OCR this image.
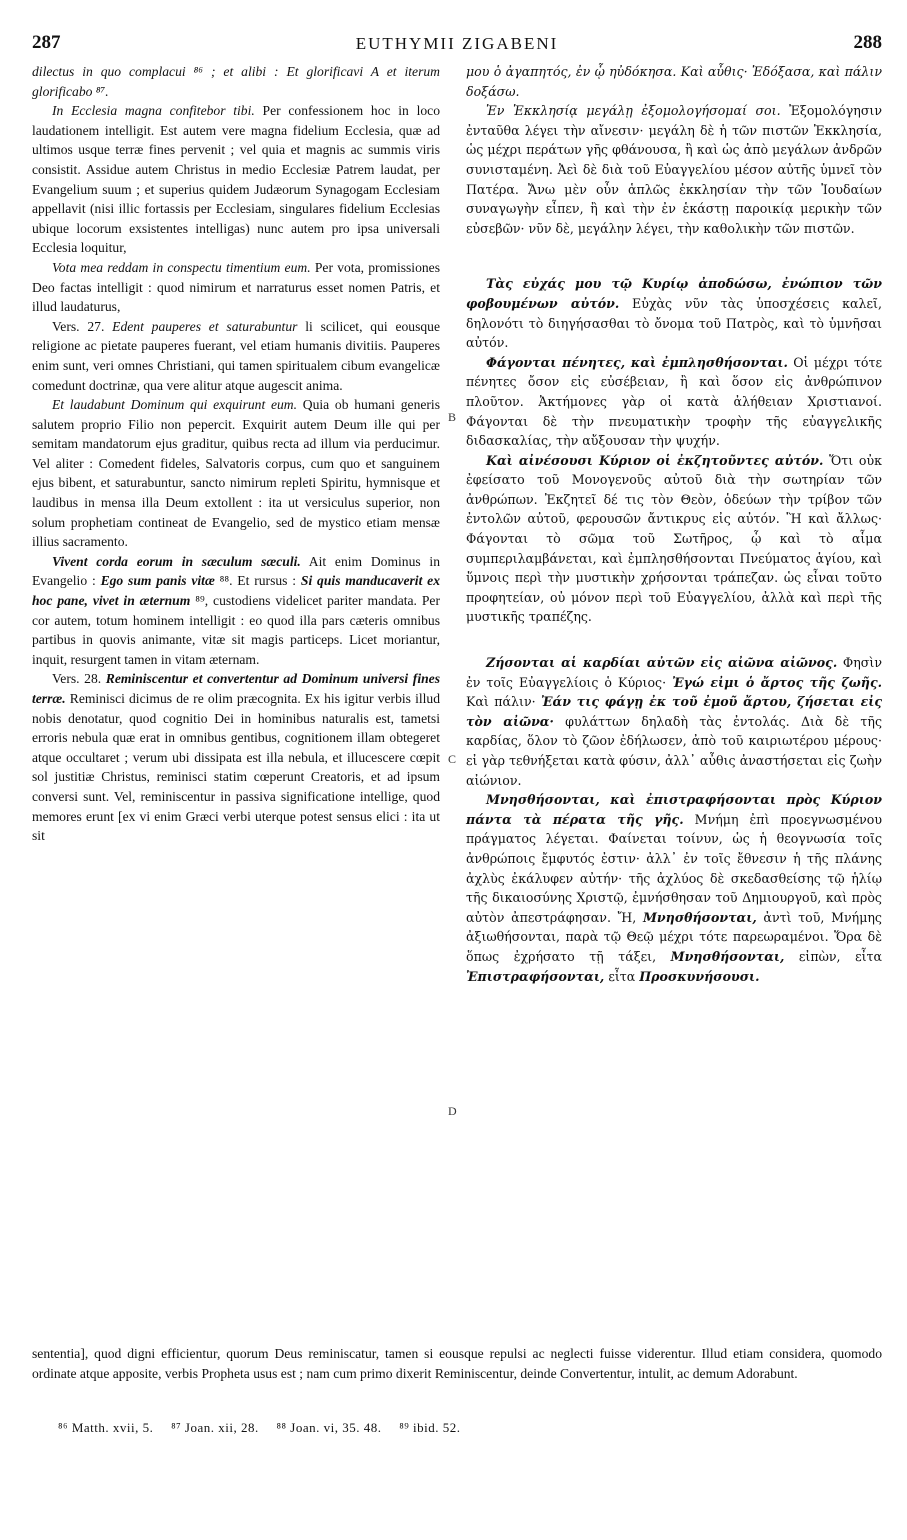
287	EUTHYMII ZIGABENI	288

dilectus in quo complacui ⁸⁶ ; et alibi : Et glorificavi A et iterum glorificabo ⁸⁷.

In Ecclesia magna confitebor tibi. Per confessionem hoc in loco laudationem intelligit. Est autem vere magna fidelium Ecclesia, quæ ad ultimos usque terræ fines pervenit ; vel quia et magnis ac summis viris consistit. Assidue autem Christus in medio Ecclesiæ Patrem laudat, per Evangelium suum ; et superius quidem Judæorum Synagogam Ecclesiam appellavit (nisi illic fortassis per Ecclesiam, singulares fidelium Ecclesias ubique locorum exsistentes intelligas) nunc autem pro ipsa universali Ecclesia loquitur,

Vota mea reddam in conspectu timentium eum. Per vota, promissiones Deo factas intelligit : quod nimirum et narraturus esset nomen Patris, et illud laudaturus,

Vers. 27. Edent pauperes et saturabuntur li scilicet, qui eousque religione ac pietate pauperes fuerant, vel etiam humanis divitiis. Pauperes enim sunt, veri omnes Christiani, qui tamen spiritualem cibum evangelicæ comedunt doctrinæ, qua vere alitur atque augescit anima.

Et laudabunt Dominum qui exquirunt eum. Quia ob humani generis salutem proprio Filio non pepercit. Exquirit autem Deum ille qui per semitam mandatorum ejus graditur, quibus recta ad illum via perducimur. Vel aliter : Comedent fideles, Salvatoris corpus, cum quo et sanguinem ejus bibent, et saturabuntur, sancto nimirum repleti Spiritu, hymnisque et laudibus in mensa illa Deum extollent : ita ut versiculus superior, non solum prophetiam contineat de Evangelio, sed de mystico etiam mensæ illius sacramento.

Vivent corda eorum in sæculum sæculi. Ait enim Dominus in Evangelio : Ego sum panis vitæ ⁸⁸. Et rursus : Si quis manducaverit ex hoc pane, vivet in æternum ⁸⁹, custodiens videlicet pariter mandata. Per cor autem, totum hominem intelligit : eo quod illa pars cæteris omnibus partibus in quovis animante, vitæ sit magis particeps. Licet moriantur, inquit, resurgent tamen in vitam æternam.

Vers. 28. Reminiscentur et convertentur ad Dominum universi fines terræ. Reminisci dicimus de re olim præcognita. Ex his igitur verbis illud nobis denotatur, quod cognitio Dei in hominibus naturalis est, tametsi erroris nebula quæ erat in omnibus gentibus, cognitionem illam obtegeret atque occultaret ; verum ubi dissipata est illa nebula, et illucescere cœpit sol justitiæ Christus, reminisci statim cœperunt Creatoris, et ad ipsum conversi sunt. Vel, reminiscentur in passiva significatione intellige, quod memores erunt [ex vi enim Græci verbi uterque potest sensus elici : ita ut sit

B
C
D

μου ὁ ἀγαπητός, ἐν ᾧ ηὐδόκησα. Καὶ αὖθις· Ἐδόξασα, καὶ πάλιν δοξάσω.

Ἐν Ἐκκλησίᾳ μεγάλῃ ἐξομολογήσομαί σοι. Ἐξομολόγησιν ἐνταῦθα λέγει τὴν αἴνεσιν· μεγάλη δὲ ἡ τῶν πιστῶν Ἐκκλησία, ὡς μέχρι περάτων γῆς φθάνουσα, ἢ καὶ ὡς ἀπὸ μεγάλων ἀνδρῶν συνισταμένη. Ἀεὶ δὲ διὰ τοῦ Εὐαγγελίου μέσον αὐτῆς ὑμνεῖ τὸν Πατέρα. Ἄνω μὲν οὖν ἁπλῶς ἐκκλησίαν τὴν τῶν Ἰουδαίων συναγωγὴν εἶπεν, ἢ καὶ τὴν ἐν ἑκάστῃ παροικίᾳ μερικὴν τῶν εὐσεβῶν· νῦν δὲ, μεγάλην λέγει, τὴν καθολικὴν τῶν πιστῶν.

Τὰς εὐχάς μου τῷ Κυρίῳ ἀποδώσω, ἐνώπιον τῶν φοβουμένων αὐτόν. Εὐχὰς νῦν τὰς ὑποσχέσεις καλεῖ, δηλονότι τὸ διηγήσασθαι τὸ ὄνομα τοῦ Πατρὸς, καὶ τὸ ὑμνῆσαι αὐτόν.

Φάγονται πένητες, καὶ ἐμπλησθήσονται. Οἱ μέχρι τότε πένητες ὄσον εἰς εὐσέβειαν, ἢ καὶ ὅσον εἰς ἀνθρώπινον πλοῦτον. Ἀκτήμονες γὰρ οἱ κατὰ ἀλήθειαν Χριστιανοί. Φάγονται δὲ τὴν πνευματικὴν τροφὴν τῆς εὐαγγελικῆς διδασκαλίας, τὴν αὔξουσαν τὴν ψυχήν.

Καὶ αἰνέσουσι Κύριον οἱ ἐκζητοῦντες αὐτόν. Ὅτι οὐκ ἐφείσατο τοῦ Μονογενοῦς αὐτοῦ διὰ τὴν σωτηρίαν τῶν ἀνθρώπων. Ἐκζητεῖ δέ τις τὸν Θεὸν, ὁδεύων τὴν τρίβον τῶν ἐντολῶν αὐτοῦ, φερουσῶν ἄντικρυς εἰς αὐτόν. Ἢ καὶ ἄλλως· Φάγονται τὸ σῶμα τοῦ Σωτῆρος, ᾧ καὶ τὸ αἷμα συμπεριλαμβάνεται, καὶ ἐμπλησθήσονται Πνεύματος ἁγίου, καὶ ὕμνοις περὶ τὴν μυστικὴν χρήσονται τράπεζαν. ὡς εἶναι τοῦτο προφητείαν, οὐ μόνον περὶ τοῦ Εὐαγγελίου, ἀλλὰ καὶ περὶ τῆς μυστικῆς τραπέζης.

Ζήσονται αἱ καρδίαι αὐτῶν εἰς αἰῶνα αἰῶνος. Φησὶν ἐν τοῖς Εὐαγγελίοις ὁ Κύριος· Ἐγώ εἰμι ὁ ἄρτος τῆς ζωῆς. Καὶ πάλιν· Ἐάν τις φάγῃ ἐκ τοῦ ἐμοῦ ἄρτου, ζήσεται εἰς τὸν αἰῶνα· φυλάττων δηλαδὴ τὰς ἐντολάς. Διὰ δὲ τῆς καρδίας, ὅλον τὸ ζῶον ἐδήλωσεν, ἀπὸ τοῦ καιριωτέρου μέρους· εἰ γὰρ τεθνήξεται κατὰ φύσιν, ἀλλ᾽ αὖθις ἀναστήσεται εἰς ζωὴν αἰώνιον.

Μνησθήσονται, καὶ ἐπιστραφήσονται πρὸς Κύριον πάντα τὰ πέρατα τῆς γῆς. Μνήμη ἐπὶ προεγνωσμένου πράγματος λέγεται. Φαίνεται τοίνυν, ὡς ἡ θεογνωσία τοῖς ἀνθρώποις ἔμφυτός ἐστιν· ἀλλ᾽ ἐν τοῖς ἔθνεσιν ἡ τῆς πλάνης ἀχλὺς ἐκάλυφεν αὐτήν· τῆς ἀχλύος δὲ σκεδασθείσης τῷ ἡλίῳ τῆς δικαιοσύνης Χριστῷ, ἐμνήσθησαν τοῦ Δημιουργοῦ, καὶ πρὸς αὐτὸν ἀπεστράφησαν. Ἤ, Μνησθήσονται, ἀντὶ τοῦ, Μνήμης ἀξιωθήσονται, παρὰ τῷ Θεῷ μέχρι τότε παρεωραμένοι. Ὅρα δὲ ὅπως ἐχρήσατο τῇ τάξει, Μνησθήσονται, εἰπὼν, εἶτα Ἐπιστραφήσονται, εἶτα Προσκυνήσουσι.

sententia], quod digni efficientur, quorum Deus reminiscatur, tamen si eousque repulsi ac neglecti fuisse viderentur. Illud etiam considera, quomodo ordinate atque apposite, verbis Propheta usus est ; nam cum primo dixerit Reminiscentur, deinde Convertentur, intulit, ac demum Adorabunt.

⁸⁶ Matth. xvii, 5. ⁸⁷ Joan. xii, 28. ⁸⁸ Joan. vi, 35. 48. ⁸⁹ ibid. 52.
